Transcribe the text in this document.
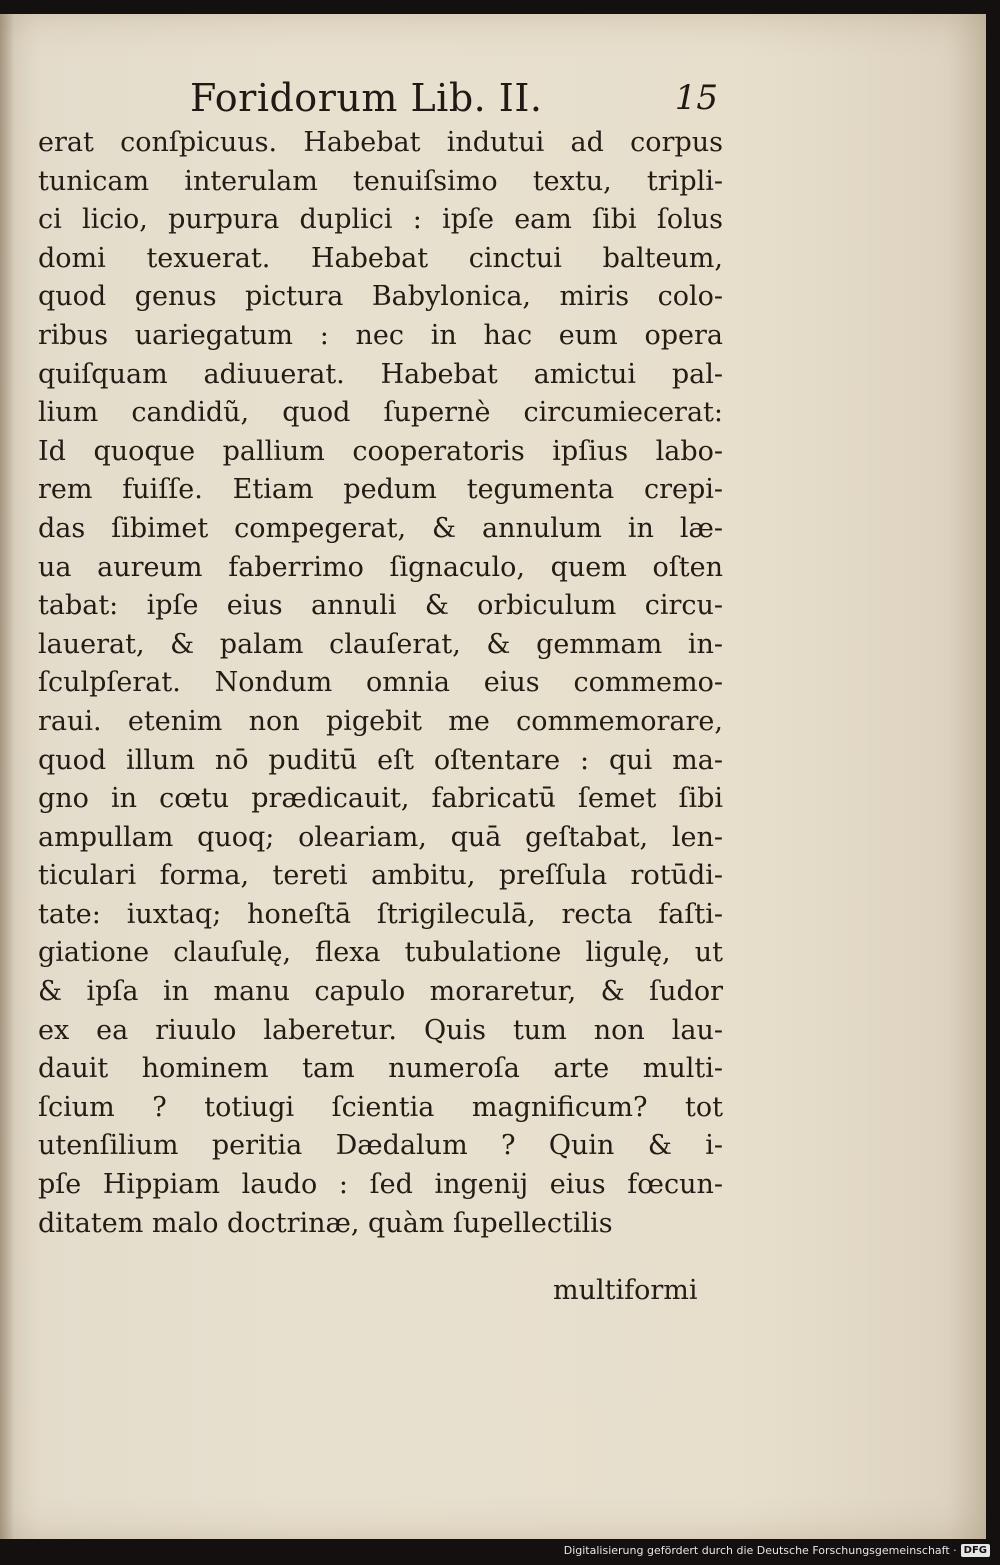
Foridorum Lib. II.	15
erat conſpicuus. Habebat indutui ad corpus
tunicam interulam tenuiſsimo textu, tripli-
ci licio, purpura duplici : ipſe eam ſibi ſolus
domi texuerat. Habebat cinctui balteum,
quod genus pictura Babylonica, miris colo-
ribus uariegatum : nec in hac eum opera
quiſquam adiuuerat. Habebat amictui pal-
lium candidũ, quod ſupernè circumiecerat:
Id quoque pallium cooperatoris ipſius labo-
rem fuiſſe. Etiam pedum tegumenta crepi-
das ſibimet compegerat, & annulum in læ-
ua aureum faberrimo ſignaculo, quem oſten
tabat: ipſe eius annuli & orbiculum circu-
lauerat, & palam clauſerat, & gemmam in-
ſculpſerat. Nondum omnia eius commemo-
raui. etenim non pigebit me commemorare,
quod illum nō puditū eſt oſtentare : qui ma-
gno in cœtu prædicauit, fabricatū ſemet ſibi
ampullam quoq; oleariam, quā geſtabat, len-
ticulari forma, tereti ambitu, preſſula rotūdi-
tate: iuxtaq; honeſtā ſtrigileculā, recta faſti-
giatione clauſulę, flexa tubulatione ligulę, ut
& ipſa in manu capulo moraretur, & ſudor
ex ea riuulo laberetur. Quis tum non lau-
dauit hominem tam numeroſa arte multi-
ſcium ? totiugi ſcientia magnificum? tot
utenſilium peritia Dædalum ? Quin & i-
pſe Hippiam laudo : ſed ingenij eius fœcun-
ditatem malo doctrinæ, quàm ſupellectilis
multiformi
Digitalisierung gefördert durch die Deutsche Forschungsgemeinschaft · DFG
